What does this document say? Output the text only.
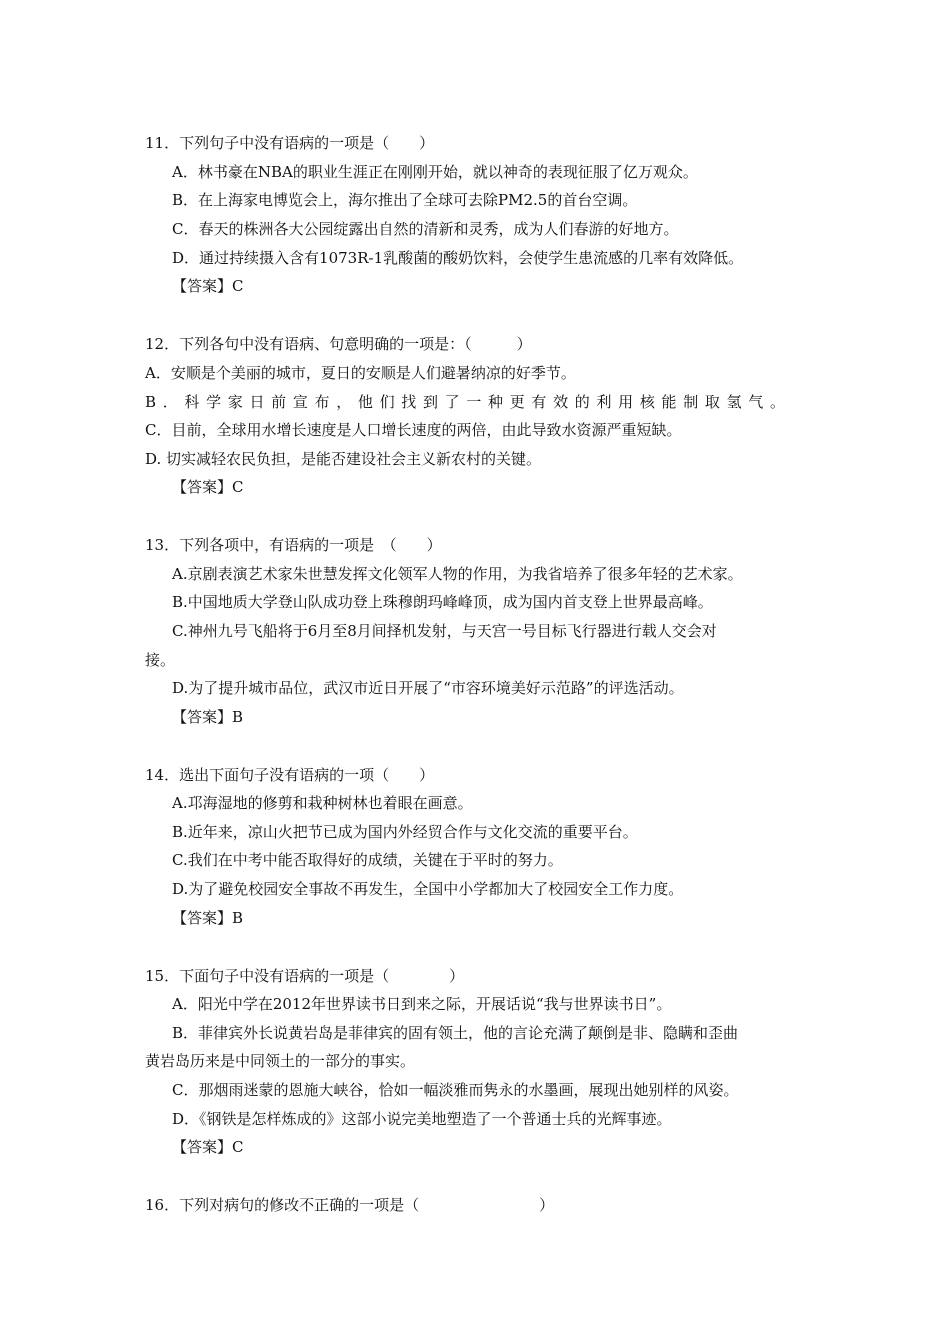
11．下列句子中没有语病的一项是（　　）
A．林书豪在NBA的职业生涯正在刚刚开始，就以神奇的表现征服了亿万观众。
B．在上海家电博览会上，海尔推出了全球可去除PM2.5的首台空调。
C．春天的株洲各大公园绽露出自然的清新和灵秀，成为人们春游的好地方。
D．通过持续摄入含有1073R-1乳酸菌的酸奶饮料，会使学生患流感的几率有效降低。
【答案】C
12．下列各句中没有语病、句意明确的一项是：（　　　）
A．安顺是个美丽的城市，夏日的安顺是人们避暑纳凉的好季节。
B．科学家日前宣布，他们找到了一种更有效的利用核能制取氢气。
C．目前，全球用水增长速度是人口增长速度的两倍，由此导致水资源严重短缺。
D. 切实减轻农民负担，是能否建设社会主义新农村的关键。
【答案】C
13．下列各项中，有语病的一项是　（　　）
A.京剧表演艺术家朱世慧发挥文化领军人物的作用，为我省培养了很多年轻的艺术家。
B.中国地质大学登山队成功登上珠穆朗玛峰峰顶，成为国内首支登上世界最高峰。
C.神州九号飞船将于6月至8月间择机发射，与天宫一号目标飞行器进行载人交会对
接。
D.为了提升城市品位，武汉市近日开展了“市容环境美好示范路”的评选活动。
【答案】B
14．选出下面句子没有语病的一项（　　）
A.邛海湿地的修剪和栽种树林也着眼在画意。
B.近年来，凉山火把节已成为国内外经贸合作与文化交流的重要平台。
C.我们在中考中能否取得好的成绩，关键在于平时的努力。
D.为了避免校园安全事故不再发生，全国中小学都加大了校园安全工作力度。
【答案】B
15．下面句子中没有语病的一项是（　　　　）
A．阳光中学在2012年世界读书日到来之际，开展话说“我与世界读书日”。
B．菲律宾外长说黄岩岛是菲律宾的固有领土，他的言论充满了颠倒是非、隐瞒和歪曲
黄岩岛历来是中同领土的一部分的事实。
C．那烟雨迷蒙的恩施大峡谷，恰如一幅淡雅而隽永的水墨画，展现出她别样的风姿。
D．《钢铁是怎样炼成的》这部小说完美地塑造了一个普通士兵的光辉事迹。
【答案】C
16．下列对病句的修改不正确的一项是（　　　　　　　　）
